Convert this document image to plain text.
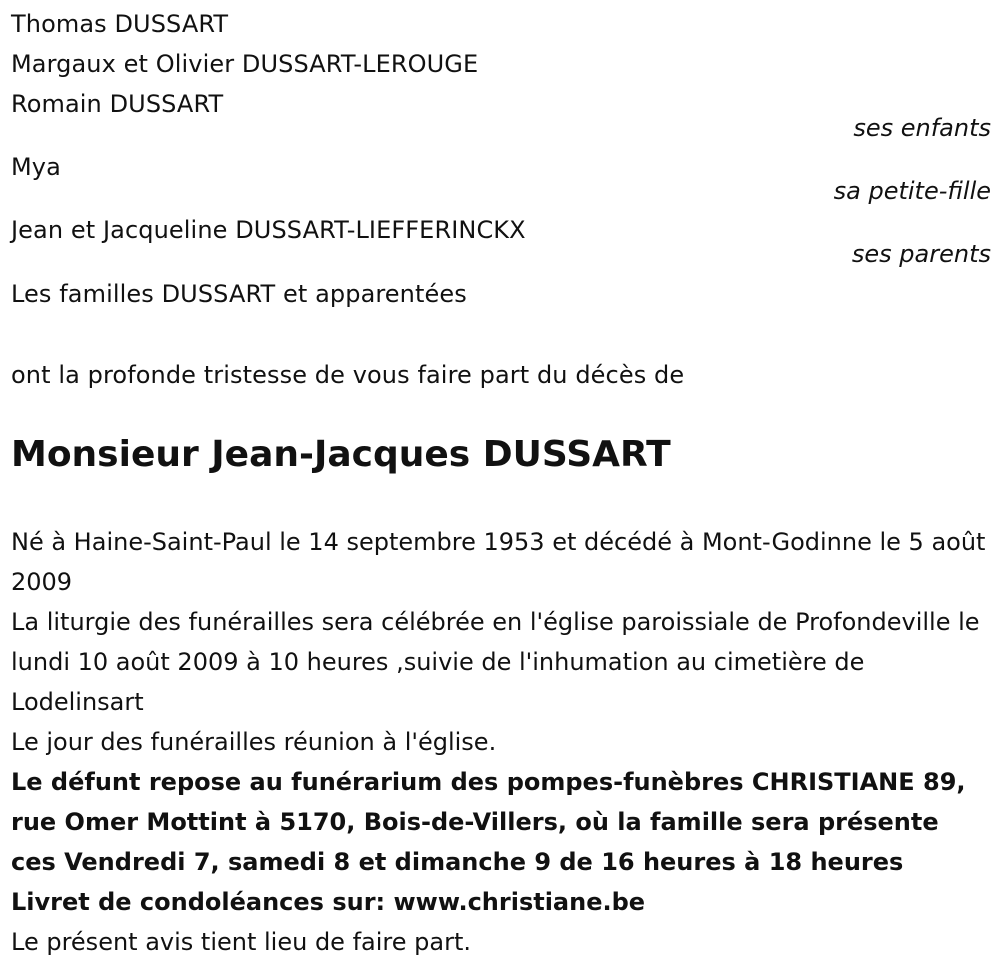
Thomas DUSSART
Margaux et Olivier DUSSART-LEROUGE
Romain DUSSART
ses enfants
Mya
sa petite-fille
Jean et Jacqueline DUSSART-LIEFFERINCKX
ses parents
Les familles DUSSART et apparentées
ont la profonde tristesse de vous faire part du décès de
Monsieur Jean-Jacques DUSSART
Né à Haine-Saint-Paul le 14 septembre 1953 et décédé à Mont-Godinne le 5 août 2009
La liturgie des funérailles sera célébrée en l'église paroissiale de Profondeville le lundi 10 août 2009 à 10 heures ,suivie de l'inhumation au cimetière de Lodelinsart
Le jour des funérailles réunion à l'église.
Le défunt repose au funérarium des pompes-funèbres CHRISTIANE 89, rue Omer Mottint à 5170, Bois-de-Villers, où la famille sera présente ces Vendredi 7, samedi 8 et dimanche 9 de 16 heures à 18 heures
Livret de condoléances sur: www.christiane.be
Le présent avis tient lieu de faire part.
